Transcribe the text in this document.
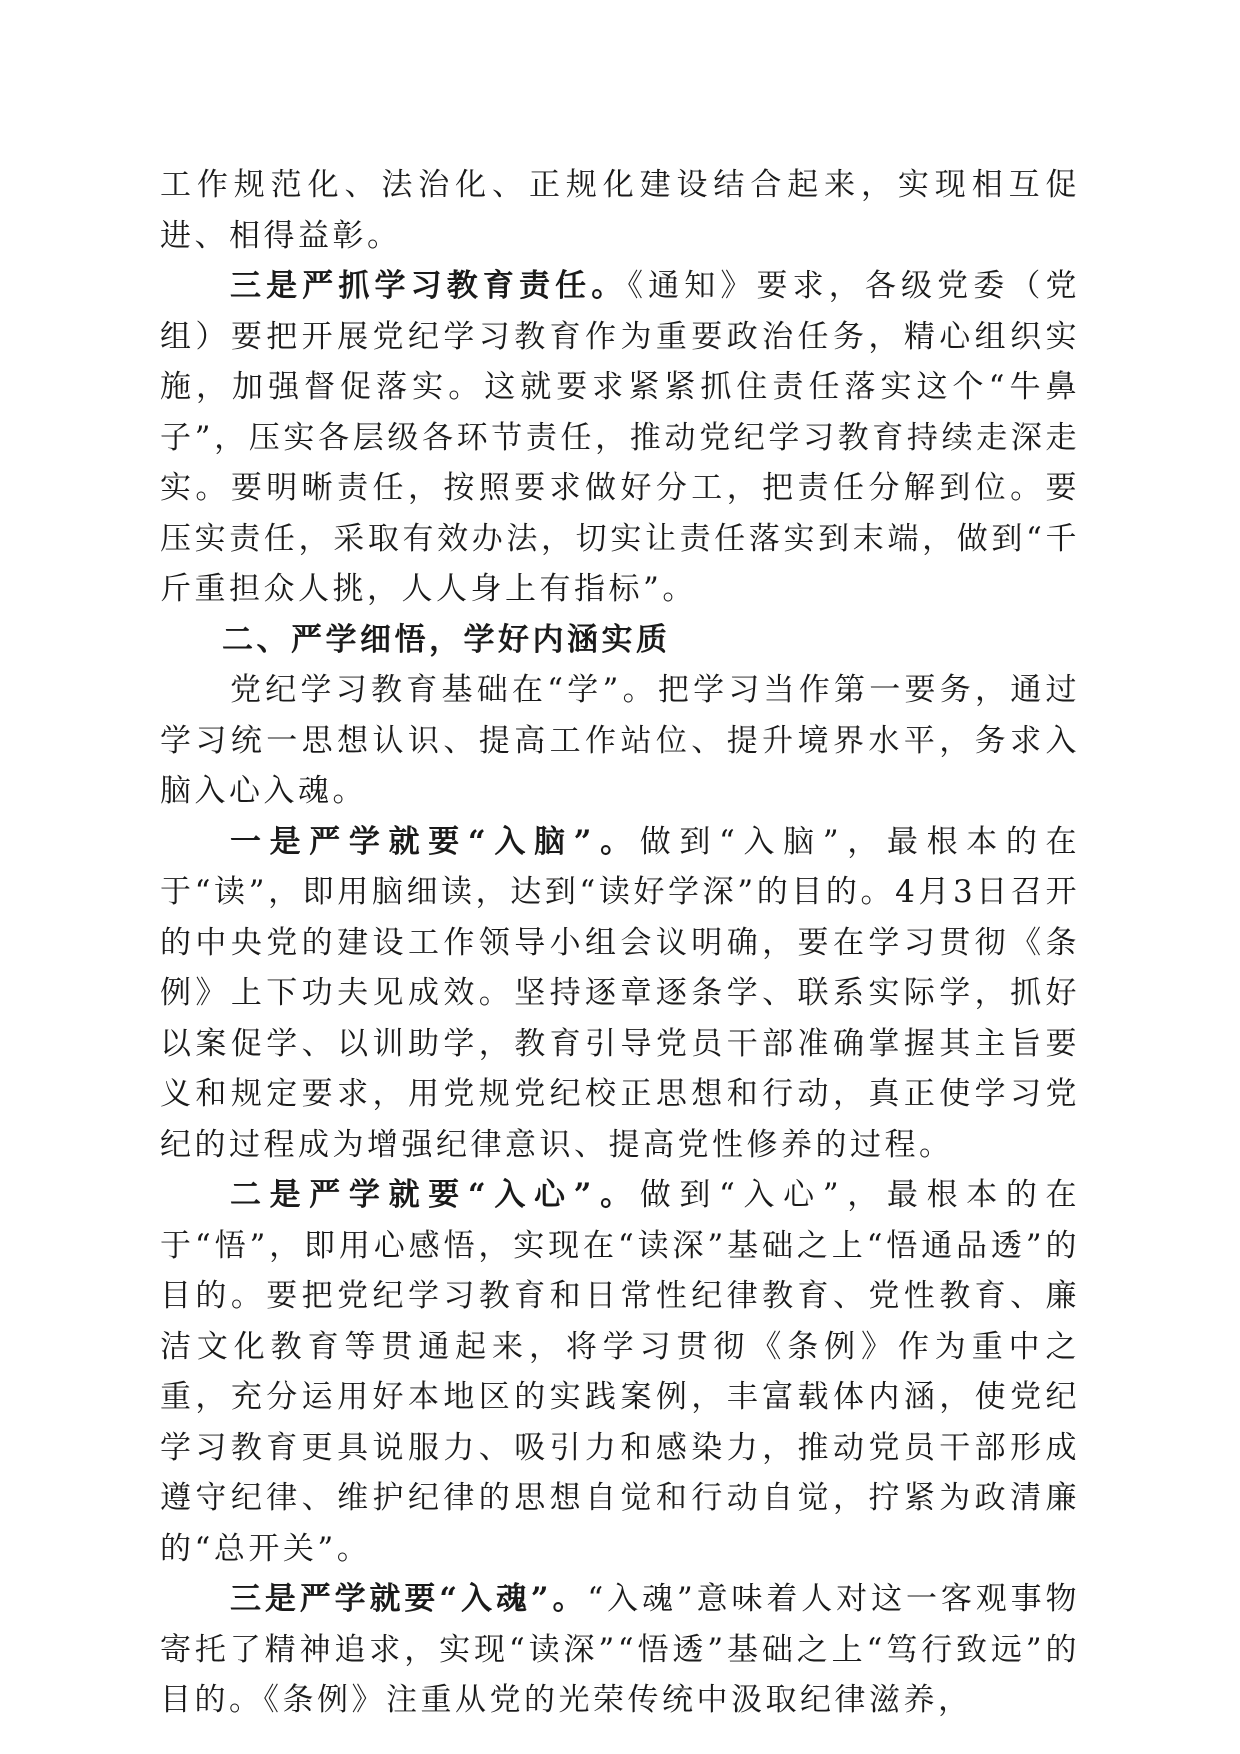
工作规范化、法治化、正规化建设结合起来，实现相互促进、相得益彰。

三是严抓学习教育责任。《通知》要求，各级党委（党组）要把开展党纪学习教育作为重要政治任务，精心组织实施，加强督促落实。这就要求紧紧抓住责任落实这个“牛鼻子”，压实各层级各环节责任，推动党纪学习教育持续走深走实。要明晰责任，按照要求做好分工，把责任分解到位。要压实责任，采取有效办法，切实让责任落实到末端，做到“千斤重担众人挑，人人身上有指标”。

二、严学细悟，学好内涵实质

党纪学习教育基础在“学”。把学习当作第一要务，通过学习统一思想认识、提高工作站位、提升境界水平，务求入脑入心入魂。

一是严学就要“入脑”。做到“入脑”，最根本的在于“读”，即用脑细读，达到“读好学深”的目的。4月3日召开的中央党的建设工作领导小组会议明确，要在学习贯彻《条例》上下功夫见成效。坚持逐章逐条学、联系实际学，抓好以案促学、以训助学，教育引导党员干部准确掌握其主旨要义和规定要求，用党规党纪校正思想和行动，真正使学习党纪的过程成为增强纪律意识、提高党性修养的过程。

二是严学就要“入心”。做到“入心”，最根本的在于“悟”，即用心感悟，实现在“读深”基础之上“悟通品透”的目的。要把党纪学习教育和日常性纪律教育、党性教育、廉洁文化教育等贯通起来，将学习贯彻《条例》作为重中之重，充分运用好本地区的实践案例，丰富载体内涵，使党纪学习教育更具说服力、吸引力和感染力，推动党员干部形成遵守纪律、维护纪律的思想自觉和行动自觉，拧紧为政清廉的“总开关”。

三是严学就要“入魂”。“入魂”意味着人对这一客观事物寄托了精神追求，实现“读深”“悟透”基础之上“笃行致远”的目的。《条例》注重从党的光荣传统中汲取纪律滋养，
